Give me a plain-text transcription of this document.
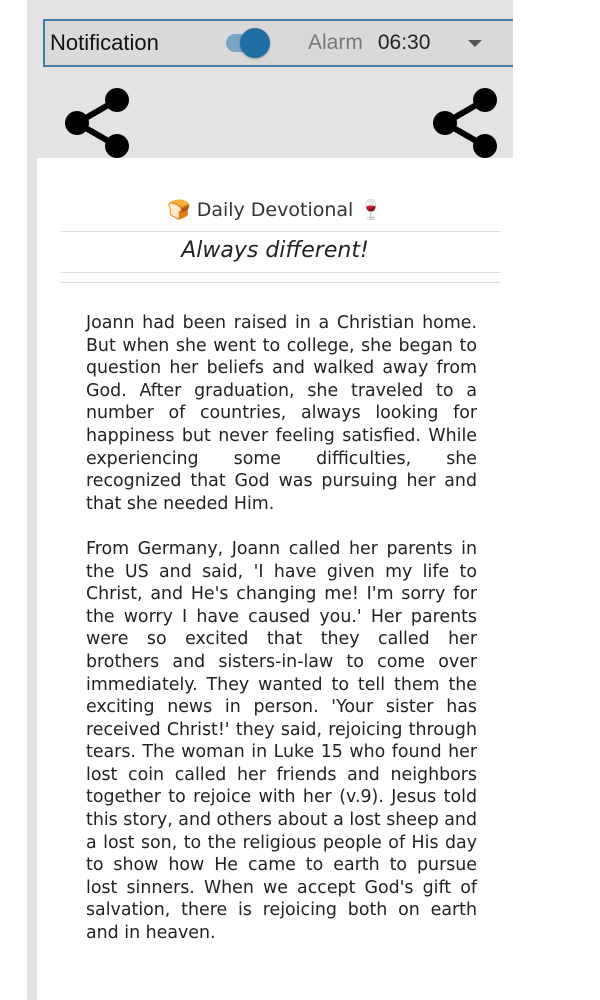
Notification	Alarm 06:30
🍞 Daily Devotional 🍷
Always different!

Joann had been raised in a Christian home. But when she went to college, she began to question her beliefs and walked away from God. After graduation, she traveled to a number of countries, always looking for happiness but never feeling satisfied. While experiencing some difficulties, she recognized that God was pursuing her and that she needed Him.

From Germany, Joann called her parents in the US and said, 'I have given my life to Christ, and He's changing me! I'm sorry for the worry I have caused you.' Her parents were so excited that they called her brothers and sisters-in-law to come over immediately. They wanted to tell them the exciting news in person. 'Your sister has received Christ!' they said, rejoicing through tears. The woman in Luke 15 who found her lost coin called her friends and neighbors together to rejoice with her (v.9). Jesus told this story, and others about a lost sheep and a lost son, to the religious people of His day to show how He came to earth to pursue lost sinners. When we accept God's gift of salvation, there is rejoicing both on earth and in heaven.
